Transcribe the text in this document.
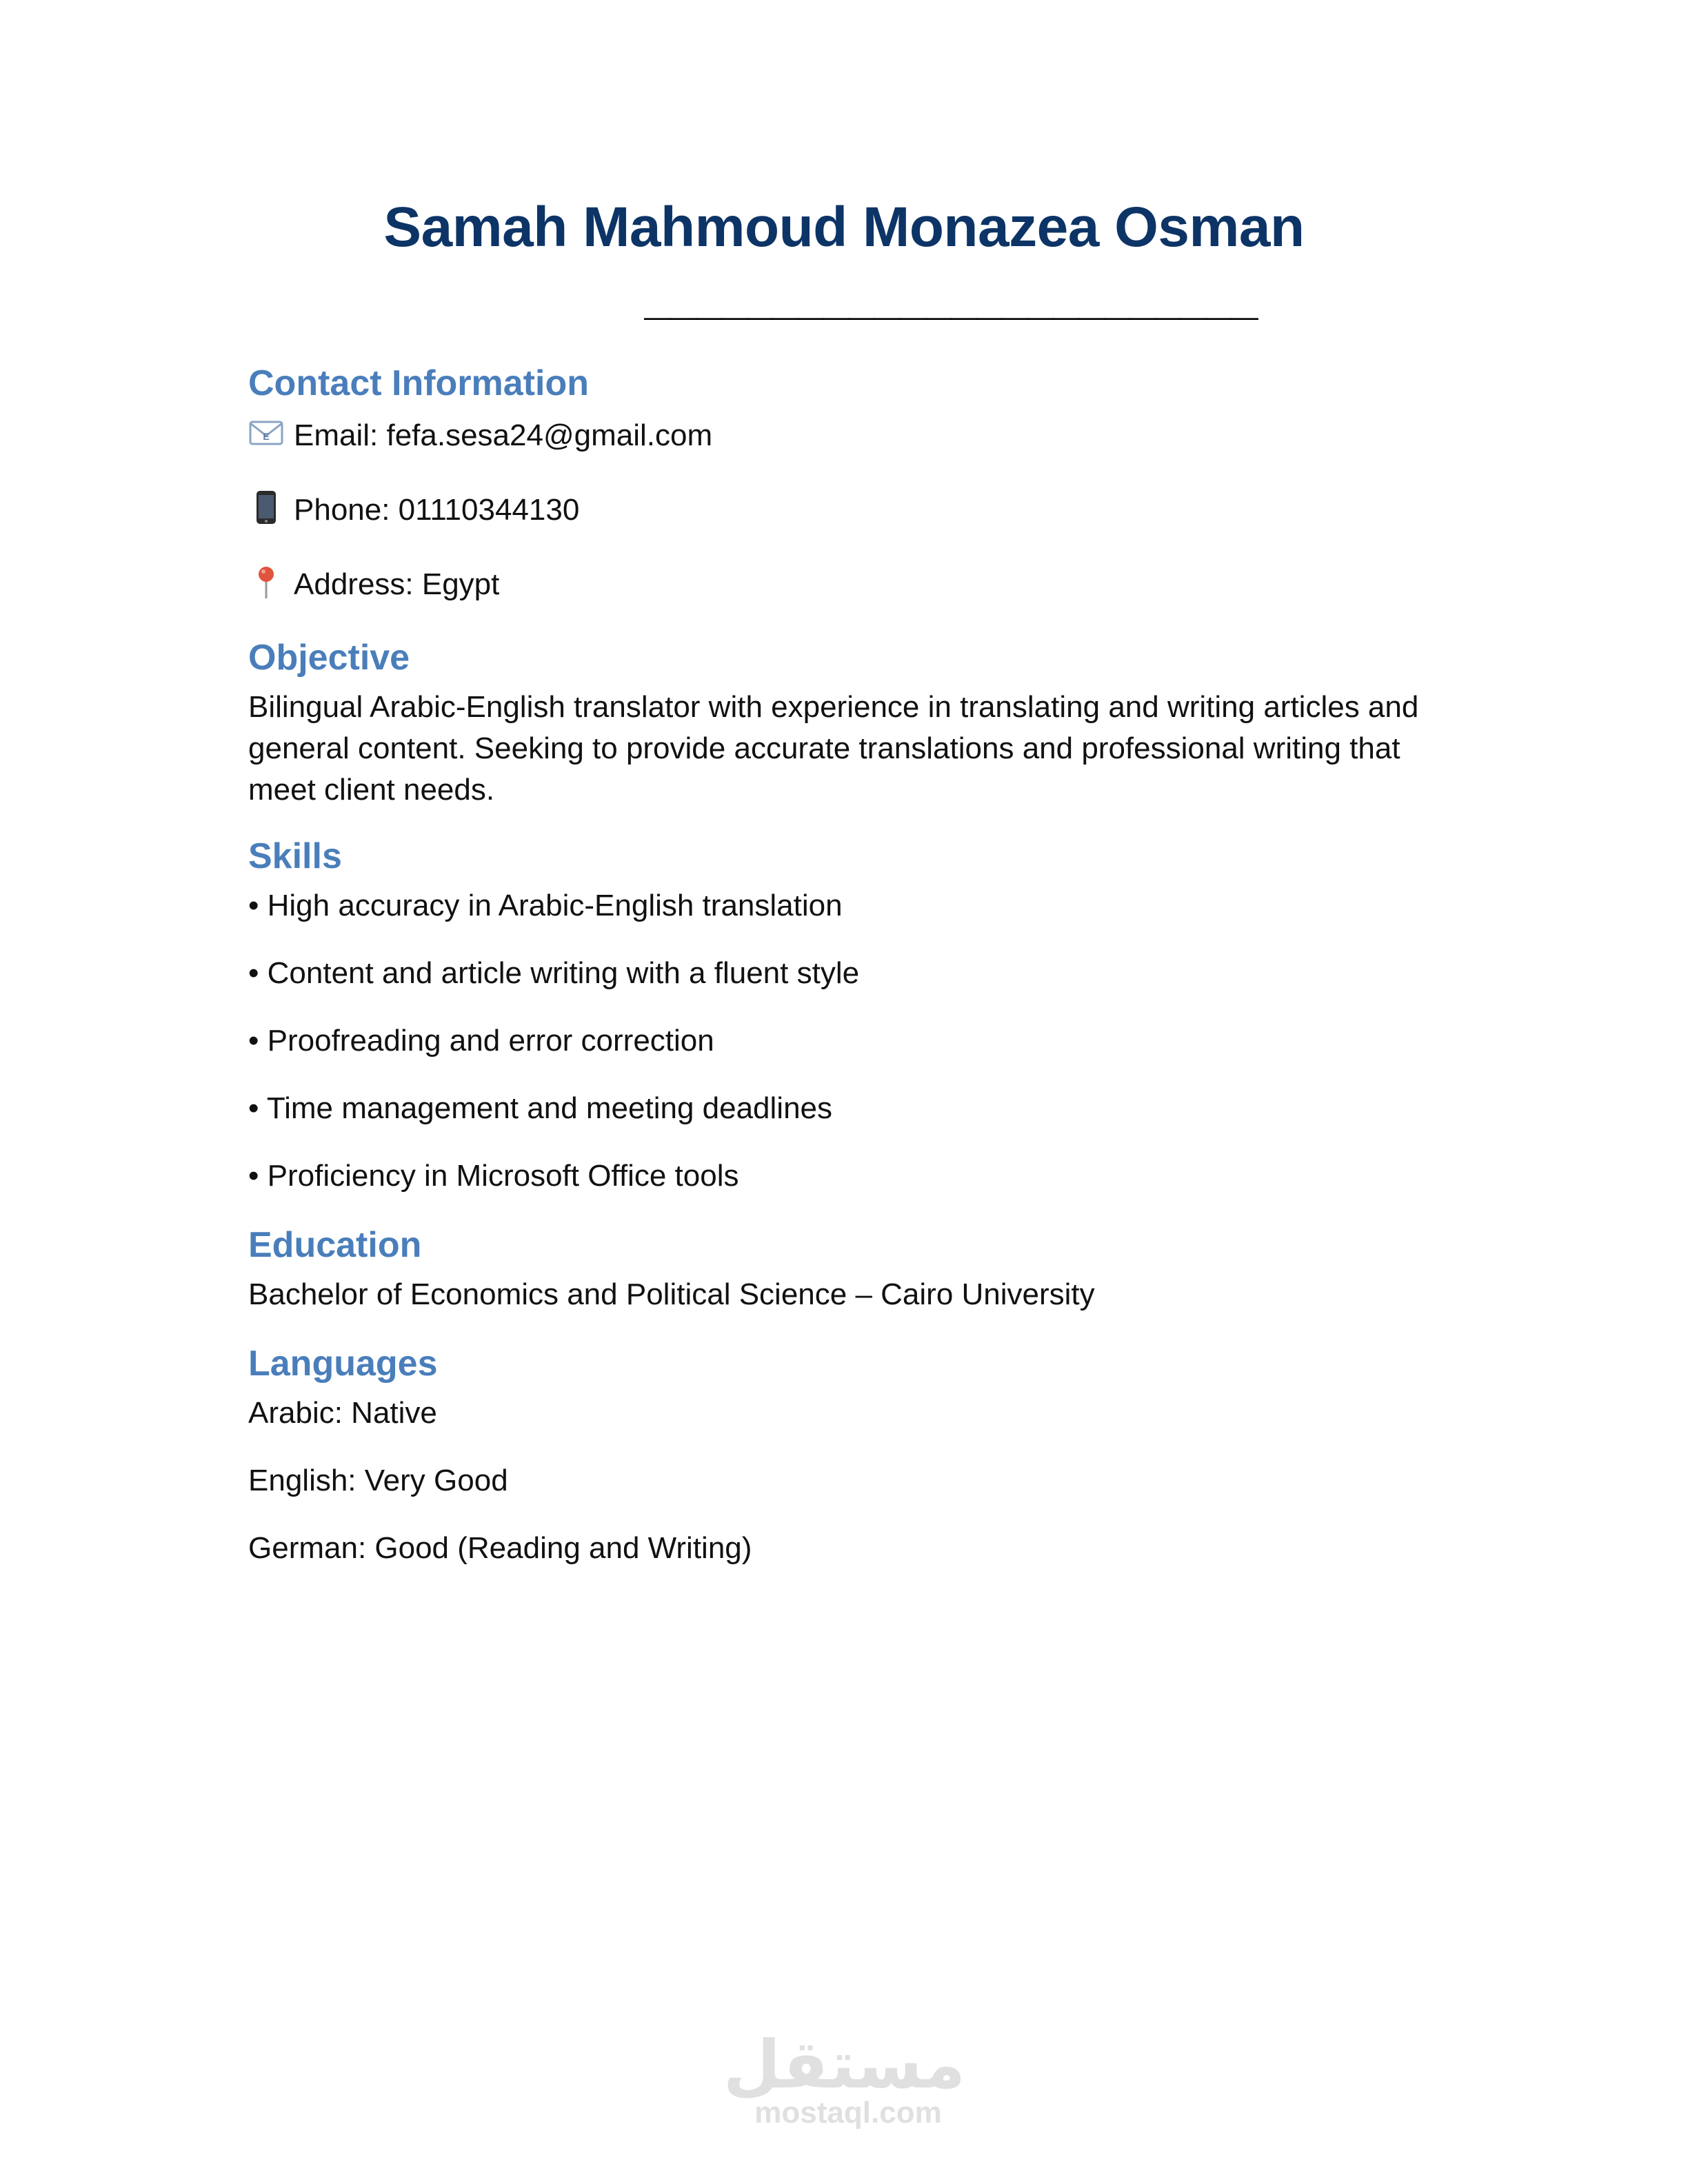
Samah Mahmoud Monazea Osman
————————————————————————
Contact Information
E Email: fefa.sesa24@gmail.com
Phone: 01110344130
Address: Egypt
Objective
Bilingual Arabic-English translator with experience in translating and writing articles and general content. Seeking to provide accurate translations and professional writing that meet client needs.
Skills
• High accuracy in Arabic-English translation
• Content and article writing with a fluent style
• Proofreading and error correction
• Time management and meeting deadlines
• Proficiency in Microsoft Office tools
Education
Bachelor of Economics and Political Science – Cairo University
Languages
Arabic: Native
English: Very Good
German: Good (Reading and Writing)
مستقل
mostaql.com
